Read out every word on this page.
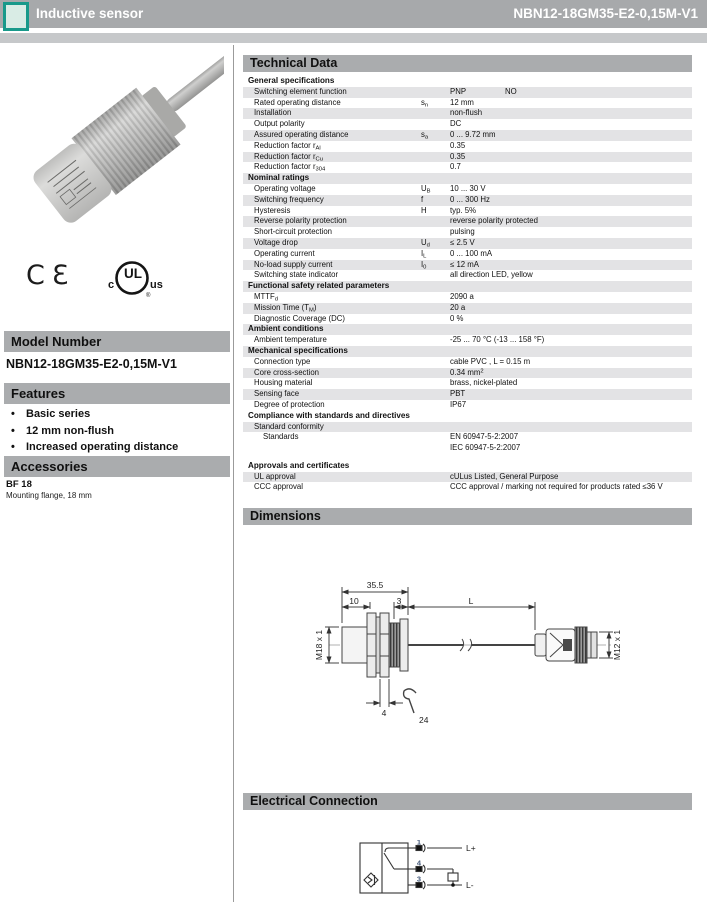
Inductive sensor	NBN12-18GM35-E2-0,15M-V1
CƐ	UL
c	us
®
Model Number
NBN12-18GM35-E2-0,15M-V1
Features
• Basic series
• 12 mm non-flush
• Increased operating distance
Accessories
BF 18
Mounting flange, 18 mm
Technical Data
General specifications
Switching element function	PNP	NO
Rated operating distance	$s_n$	12 mm
Installation	non-flush
Output polarity	DC
Assured operating distance	$s_a$	0 ... 9.72 mm
Reduction factor $r_{Al}$	0.35
Reduction factor $r_{Cu}$	0.35
Reduction factor $r_{304}$	0.7
Nominal ratings
Operating voltage	$U_B$ 10 ... 30 V
Switching frequency	f	0 ... 300 Hz
Hysteresis	H	typ. 5%
Reverse polarity protection	reverse polarity protected
Short-circuit protection	pulsing
Voltage drop	$U_d$	≤ 2.5 V
Operating current	$I_L$	0 ... 100 mA
No-load supply current	$I_0$	≤ 12 mA
Switching state indicator	all direction LED, yellow
Functional safety related parameters
$MTTF_d$	2090 a
Mission Time $(T_M)$	20 a
Diagnostic Coverage (DC)	0 %
Ambient conditions
Ambient temperature	-25 ... 70 °C (-13 ... 158 °F)
Mechanical specifications
Connection type	cable PVC , L = 0.15 m
Core cross-section	0.34 $mm^2$
Housing material	brass, nickel-plated
Sensing face	PBT
Degree of protection	IP67
Compliance with standards and directives
Standard conformity
Standards	EN 60947-5-2:2007
IEC 60947-5-2:2007
Approvals and certificates
UL approval	cULus Listed, General Purpose
CCC approval	CCC approval / marking not required for products rated ≤36 V
Dimensions
35.5
10	3	L
M18 x 1	M12 x 1
4
24
Electrical Connection
1
4
3
L+
L-
